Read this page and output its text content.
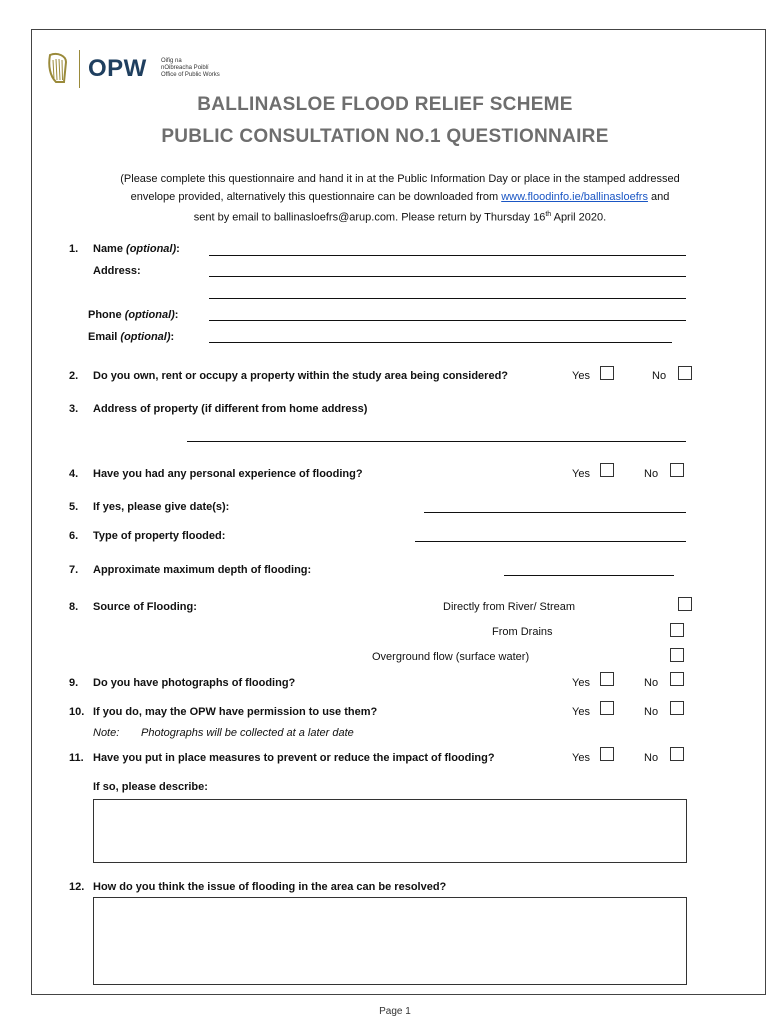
OPW Oifig na
nOibreacha Poiblí
Office of Public Works
BALLINASLOE FLOOD RELIEF SCHEME
PUBLIC CONSULTATION NO.1 QUESTIONNAIRE
(Please complete this questionnaire and hand it in at the Public Information Day or place in the stamped addressed
envelope provided, alternatively this questionnaire can be downloaded from www.floodinfo.ie/ballinasloefrs and
sent by email to ballinasloefrs@arup.com. Please return by Thursday 16th April 2020.
1. Name (optional):
Address:
Phone (optional):
Email (optional):
2. Do you own, rent or occupy a property within the study area being considered?	Yes	No
3. Address of property (if different from home address)
4. Have you had any personal experience of flooding?	Yes	No
5. If yes, please give date(s):
6. Type of property flooded:
7. Approximate maximum depth of flooding:
8. Source of Flooding:	Directly from River/ Stream
From Drains
Overground flow (surface water)
9. Do you have photographs of flooding?	Yes	No
10. If you do, may the OPW have permission to use them?	Yes	No
Note: Photographs will be collected at a later date
11. Have you put in place measures to prevent or reduce the impact of flooding?	Yes	No
If so, please describe:
12. How do you think the issue of flooding in the area can be resolved?
Page 1
